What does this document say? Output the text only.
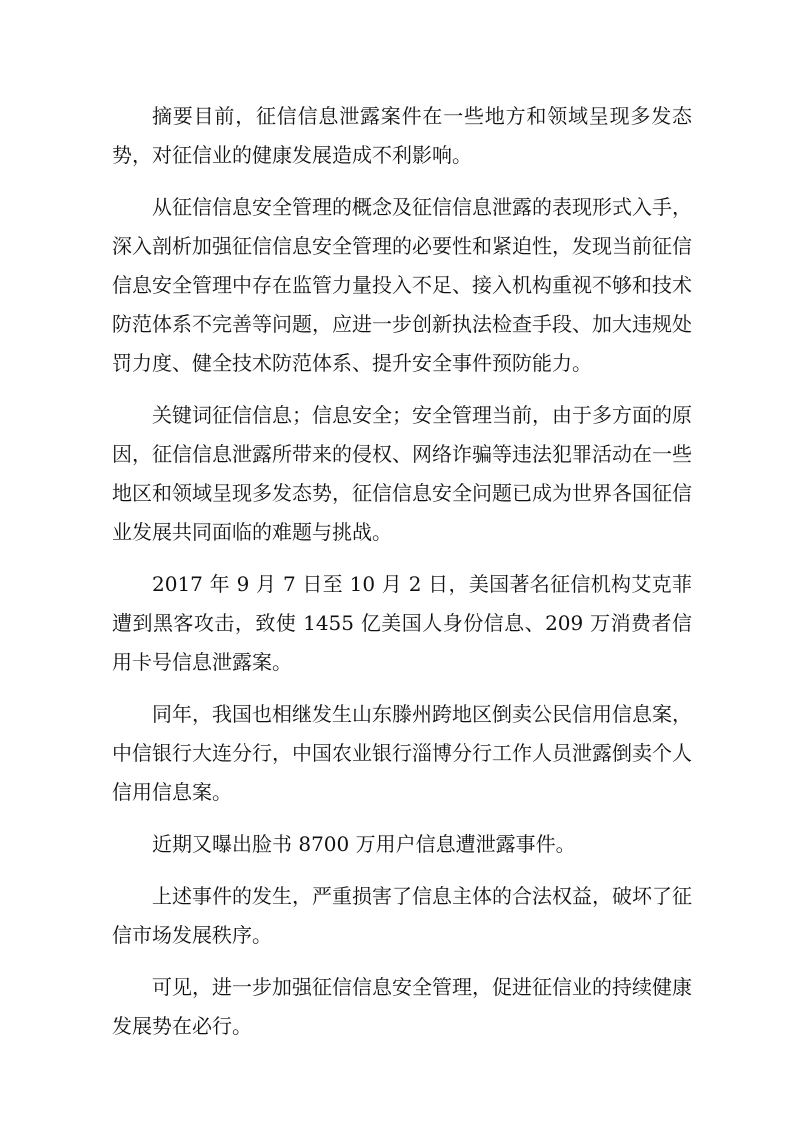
摘要目前，征信信息泄露案件在一些地方和领域呈现多发态势，对征信业的健康发展造成不利影响。

从征信信息安全管理的概念及征信信息泄露的表现形式入手，深入剖析加强征信信息安全管理的必要性和紧迫性，发现当前征信信息安全管理中存在监管力量投入不足、接入机构重视不够和技术防范体系不完善等问题，应进一步创新执法检查手段、加大违规处罚力度、健全技术防范体系、提升安全事件预防能力。

关键词征信信息；信息安全；安全管理当前，由于多方面的原因，征信信息泄露所带来的侵权、网络诈骗等违法犯罪活动在一些地区和领域呈现多发态势，征信信息安全问题已成为世界各国征信业发展共同面临的难题与挑战。

2017 年 9 月 7 日至 10 月 2 日，美国著名征信机构艾克菲遭到黑客攻击，致使 1455 亿美国人身份信息、209 万消费者信用卡号信息泄露案。

同年，我国也相继发生山东滕州跨地区倒卖公民信用信息案，中信银行大连分行，中国农业银行淄博分行工作人员泄露倒卖个人信用信息案。

近期又曝出脸书 8700 万用户信息遭泄露事件。

上述事件的发生，严重损害了信息主体的合法权益，破坏了征信市场发展秩序。

可见，进一步加强征信信息安全管理，促进征信业的持续健康发展势在必行。
